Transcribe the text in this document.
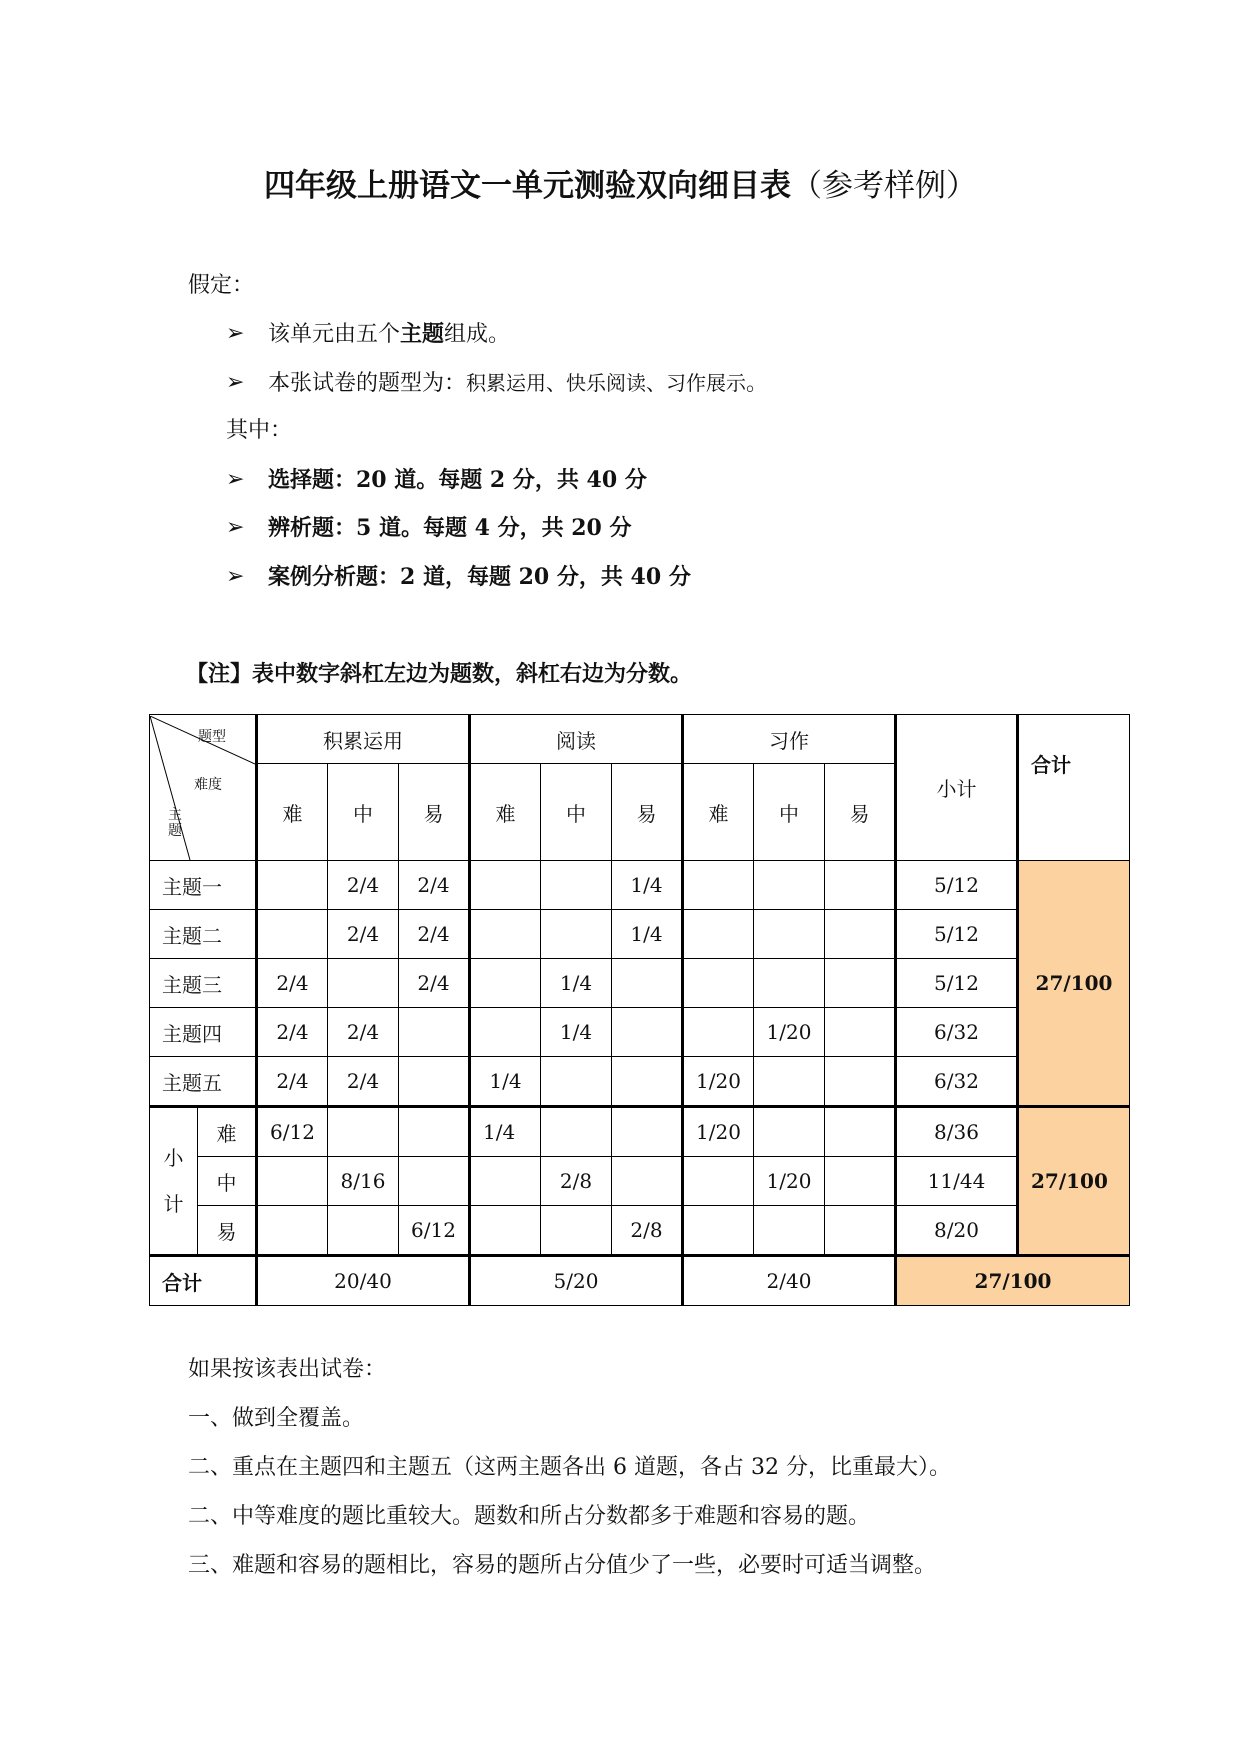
四年级上册语文一单元测验双向细目表（参考样例）
假定：
➢ 该单元由五个主题组成。
➢ 本张试卷的题型为：积累运用、快乐阅读、习作展示。
其中：
➢ 选择题：20 道。每题 2 分，共 40 分
➢ 辨析题：5 道。每题 4 分，共 20 分
➢ 案例分析题：2 道，每题 20 分，共 40 分
【注】表中数字斜杠左边为题数，斜杠右边为分数。
题型
难度
主
题		积累运用			阅读			习作			小计	合计
		难	中	易	难	中	易	难	中	易		
主题一			2/4	2/4			1/4				5/12	27/100
主题二			2/4	2/4			1/4				5/12	
主题三		2/4		2/4		1/4					5/12	
主题四		2/4	2/4			1/4			1/20		6/32	
主题五		2/4	2/4		1/4			1/20			6/32	

小
计	难	6/12			1/4			1/20			8/36	27/100
	中		8/16			2/8			1/20		11/44	
	易			6/12			2/8				8/20	
合计		20/40			5/20			2/40			27/100	
如果按该表出试卷：
一、做到全覆盖。
二、重点在主题四和主题五（这两主题各出 6 道题，各占 32 分，比重最大）。
二、中等难度的题比重较大。题数和所占分数都多于难题和容易的题。
三、难题和容易的题相比，容易的题所占分值少了一些，必要时可适当调整。
